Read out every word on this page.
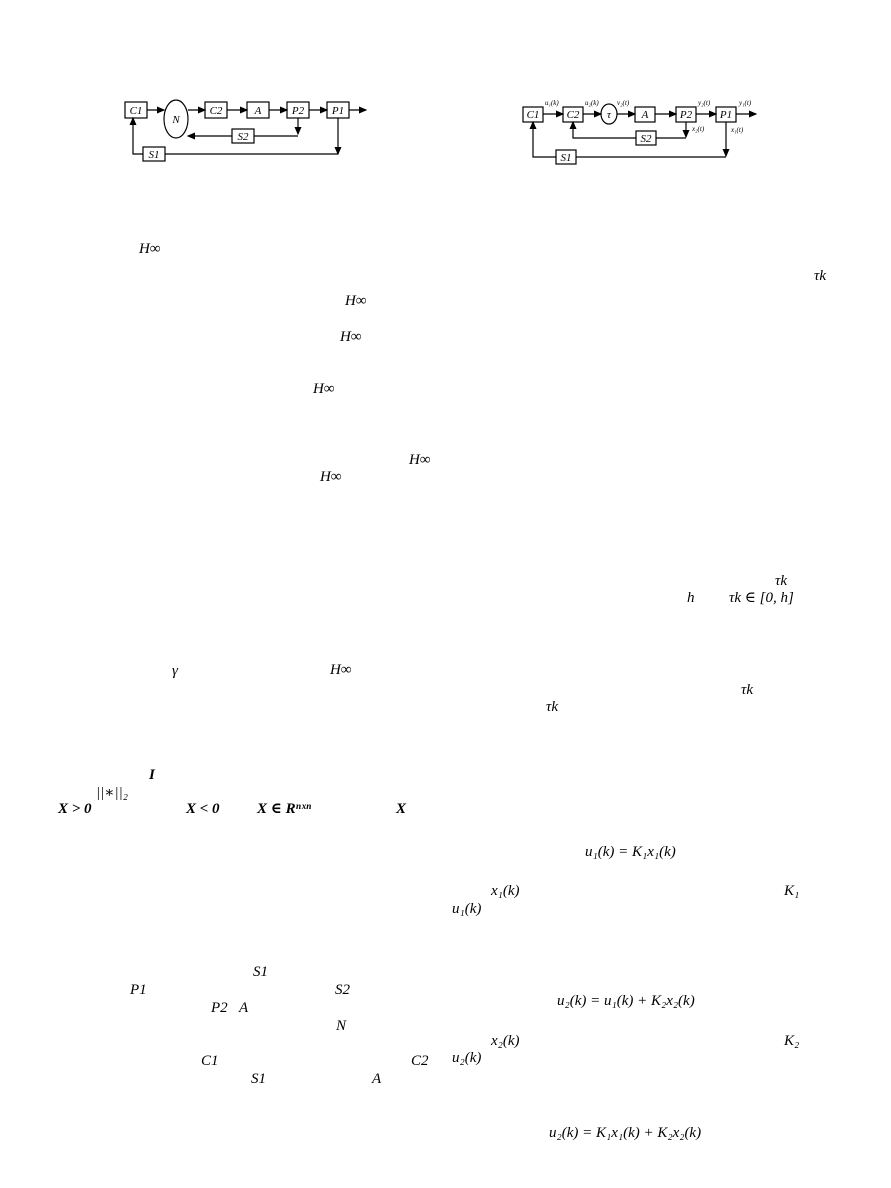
C1
N
C2	A	P2	P1
S2
S1
C1 C2	τ	A	P2	P1
S2
S1
u₁(k)	u₂(k)	v₂(t)	y₂(t)	y₁(t)
x₂(t)	x₁(t)
H∞
H∞
H∞
H∞
H∞
H∞
γ	H∞
I
||∗||₂
X > 0	X < 0 X ∈ Rⁿˣⁿ	X
S1
P1	S2
P2 A
N
C1	C2
S1	A
τk
τk
h τk ∈ [0, h]
τk
τk
u₁(k) = K₁x₁(k)
x₁(k)	K₁
u₁(k)
u₂(k) = u₁(k) + K₂x₂(k)
x₂(k)	K₂
u₂(k)
u₂(k) = K₁x₁(k) + K₂x₂(k)
